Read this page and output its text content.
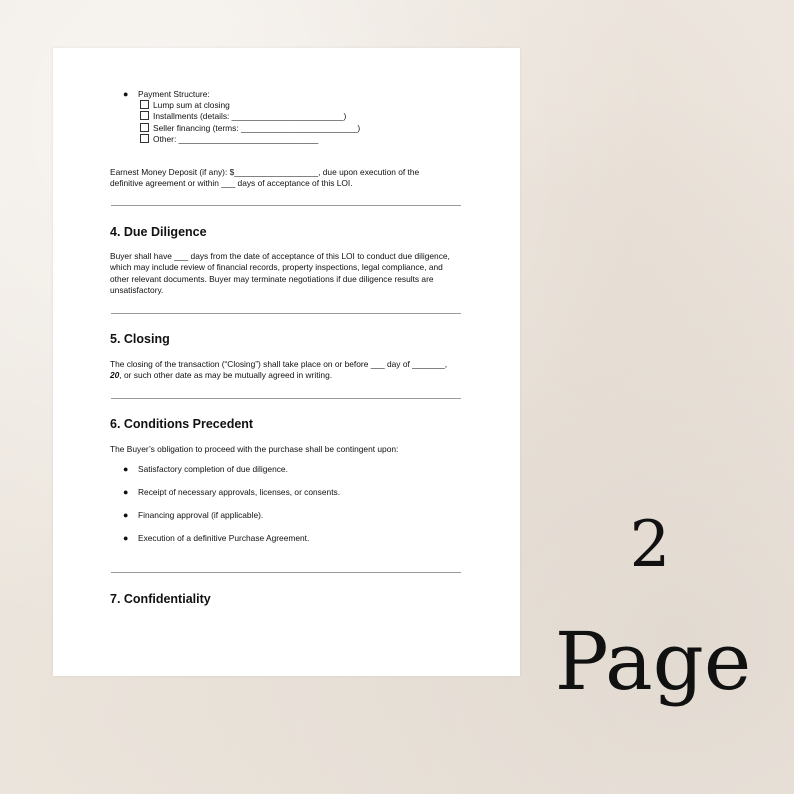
● Payment Structure:

Lump sum at closing
Installments (details: ________________________)
Seller financing (terms: _________________________)
Other: ______________________________

Earnest Money Deposit (if any): $__________________, due upon execution of the

definitive agreement or within ___ days of acceptance of this LOI.

4. Due Diligence

Buyer shall have ___ days from the date of acceptance of this LOI to conduct due diligence,

which may include review of financial records, property inspections, legal compliance, and

other relevant documents. Buyer may terminate negotiations if due diligence results are

unsatisfactory.

5. Closing

The closing of the transaction (“Closing”) shall take place on or before ___ day of _______,

20, or such other date as may be mutually agreed in writing.

6. Conditions Precedent

The Buyer’s obligation to proceed with the purchase shall be contingent upon:

● Satisfactory completion of due diligence.

● Receipt of necessary approvals, licenses, or consents.

● Financing approval (if applicable).

● Execution of a definitive Purchase Agreement.

7. Confidentiality

2
Page
